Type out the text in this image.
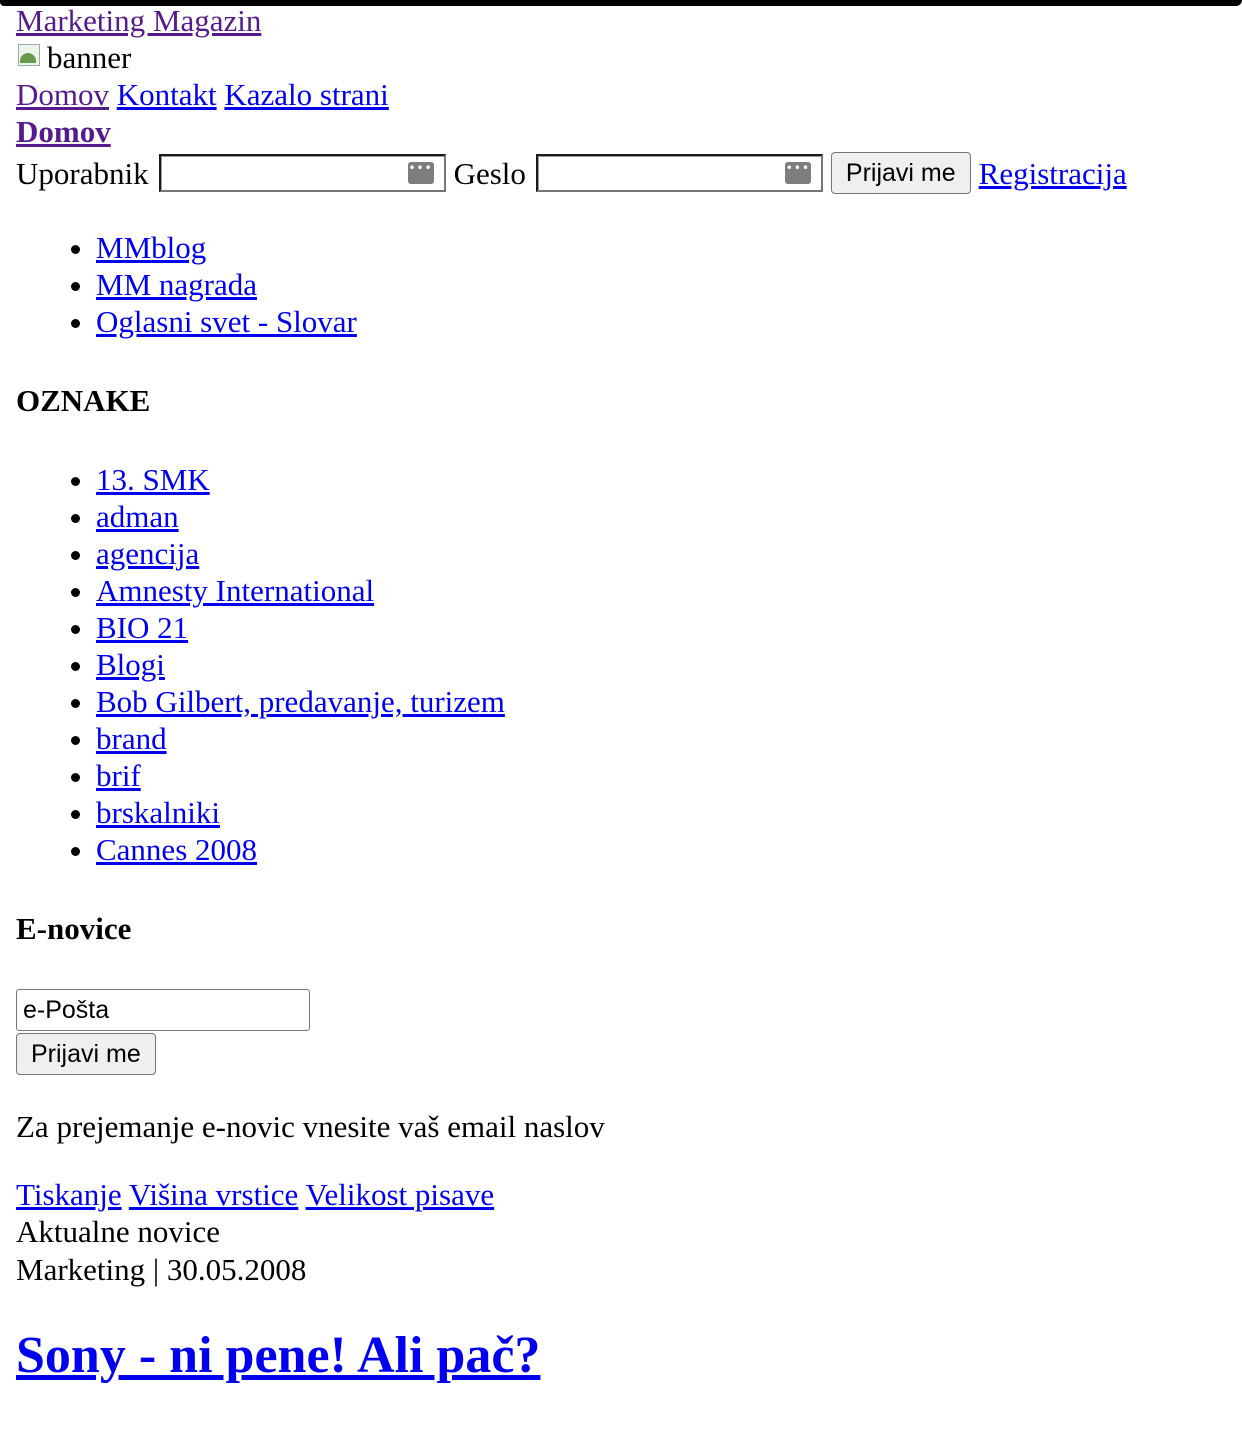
Marketing Magazin
banner
Domov Kontakt Kazalo strani
Domov
Uporabnik	••• Geslo	•••	Prijavi me Registracija
• MMblog
• MM nagrada
• Oglasni svet - Slovar
OZNAKE
• 13. SMK
• adman
• agencija
• Amnesty International
• BIO 21
• Blogi
• Bob Gilbert, predavanje, turizem
• brand
• brif
• brskalniki
• Cannes 2008
E-novice
e-Pošta
Prijavi me
Za prejemanje e-novic vnesite vaš email naslov
Tiskanje Višina vrstice Velikost pisave
Aktualne novice
Marketing | 30.05.2008
Sony - ni pene! Ali pač?
